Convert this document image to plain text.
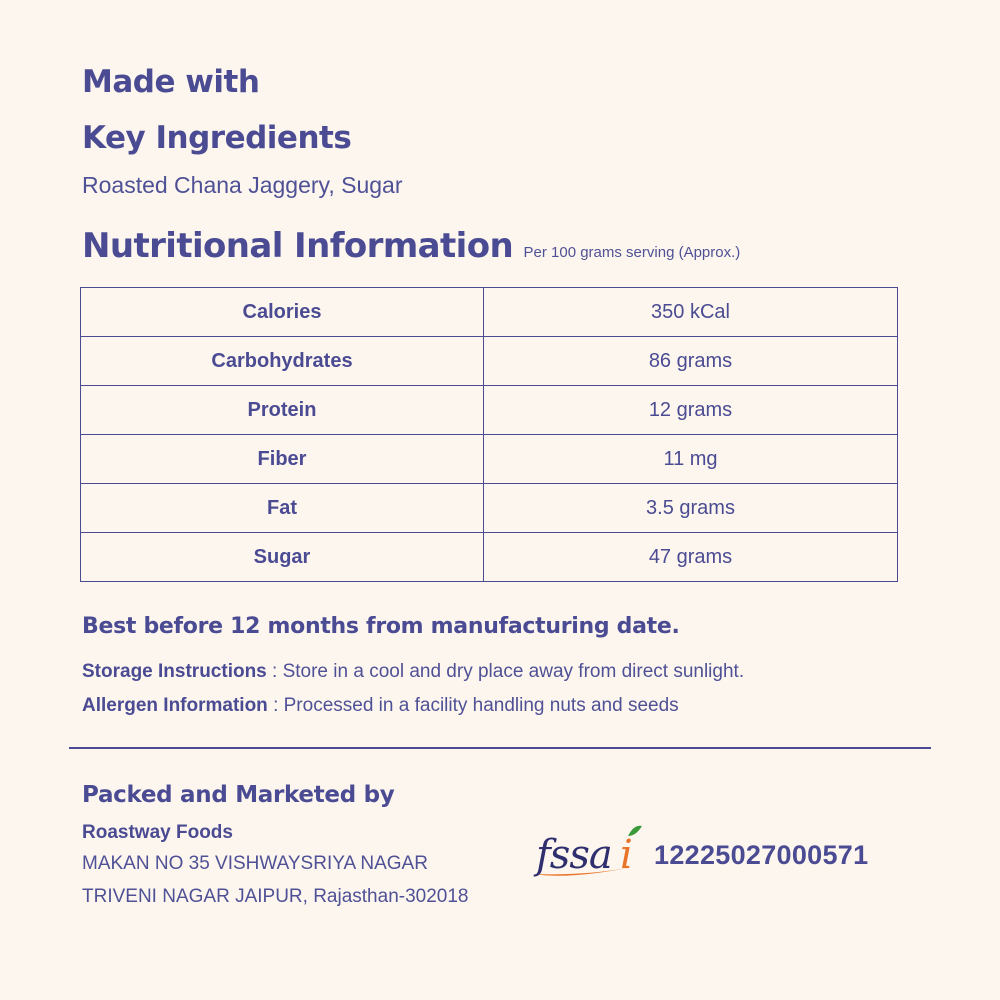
Made with
Key Ingredients
Roasted Chana Jaggery, Sugar
Nutritional Information Per 100 grams serving (Approx.)
Calories	350 kCal
Carbohydrates	86 grams
Protein	12 grams
Fiber	11 mg
Fat	3.5 grams
Sugar	47 grams
Best before 12 months from manufacturing date.
Storage Instructions : Store in a cool and dry place away from direct sunlight.
Allergen Information : Processed in a facility handling nuts and seeds
Packed and Marketed by
Roastway Foods
MAKAN NO 35 VISHWAYSRIYA NAGAR
TRIVENI NAGAR JAIPUR, Rajasthan-302018
fssa i 12225027000571
